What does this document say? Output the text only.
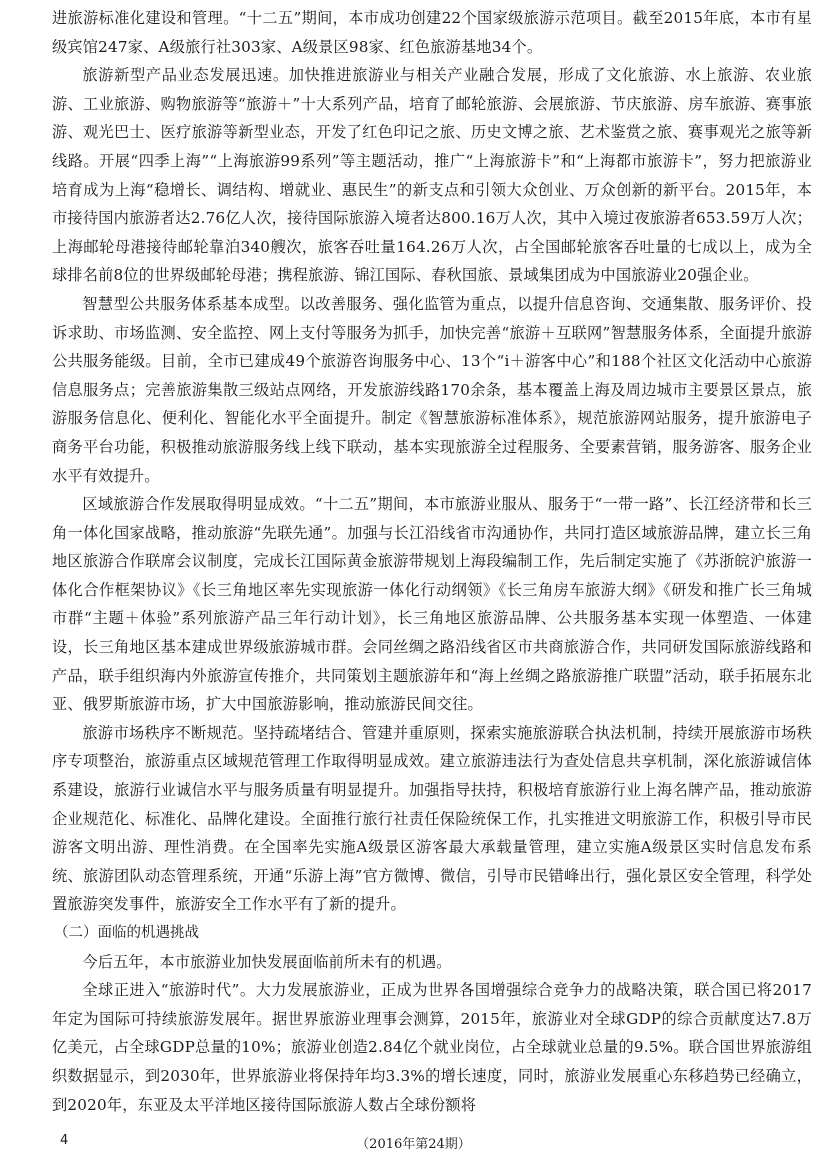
进旅游标准化建设和管理。“十二五”期间，本市成功创建22个国家级旅游示范项目。截至2015年底，本市有星级宾馆247家、A级旅行社303家、A级景区98家、红色旅游基地34个。

旅游新型产品业态发展迅速。加快推进旅游业与相关产业融合发展，形成了文化旅游、水上旅游、农业旅游、工业旅游、购物旅游等“旅游＋”十大系列产品，培育了邮轮旅游、会展旅游、节庆旅游、房车旅游、赛事旅游、观光巴士、医疗旅游等新型业态，开发了红色印记之旅、历史文博之旅、艺术鉴赏之旅、赛事观光之旅等新线路。开展“四季上海”“上海旅游99系列”等主题活动，推广“上海旅游卡”和“上海都市旅游卡”，努力把旅游业培育成为上海“稳增长、调结构、增就业、惠民生”的新支点和引领大众创业、万众创新的新平台。2015年，本市接待国内旅游者达2.76亿人次，接待国际旅游入境者达800.16万人次，其中入境过夜旅游者653.59万人次；上海邮轮母港接待邮轮靠泊340艘次，旅客吞吐量164.26万人次，占全国邮轮旅客吞吐量的七成以上，成为全球排名前8位的世界级邮轮母港；携程旅游、锦江国际、春秋国旅、景域集团成为中国旅游业20强企业。

智慧型公共服务体系基本成型。以改善服务、强化监管为重点，以提升信息咨询、交通集散、服务评价、投诉求助、市场监测、安全监控、网上支付等服务为抓手，加快完善“旅游＋互联网”智慧服务体系，全面提升旅游公共服务能级。目前，全市已建成49个旅游咨询服务中心、13个“i＋游客中心”和188个社区文化活动中心旅游信息服务点；完善旅游集散三级站点网络，开发旅游线路170余条，基本覆盖上海及周边城市主要景区景点，旅游服务信息化、便利化、智能化水平全面提升。制定《智慧旅游标准体系》，规范旅游网站服务，提升旅游电子商务平台功能，积极推动旅游服务线上线下联动，基本实现旅游全过程服务、全要素营销，服务游客、服务企业水平有效提升。

区域旅游合作发展取得明显成效。“十二五”期间，本市旅游业服从、服务于“一带一路”、长江经济带和长三角一体化国家战略，推动旅游“先联先通”。加强与长江沿线省市沟通协作，共同打造区域旅游品牌，建立长三角地区旅游合作联席会议制度，完成长江国际黄金旅游带规划上海段编制工作，先后制定实施了《苏浙皖沪旅游一体化合作框架协议》《长三角地区率先实现旅游一体化行动纲领》《长三角房车旅游大纲》《研发和推广长三角城市群“主题＋体验”系列旅游产品三年行动计划》，长三角地区旅游品牌、公共服务基本实现一体塑造、一体建设，长三角地区基本建成世界级旅游城市群。会同丝绸之路沿线省区市共商旅游合作，共同研发国际旅游线路和产品，联手组织海内外旅游宣传推介，共同策划主题旅游年和“海上丝绸之路旅游推广联盟”活动，联手拓展东北亚、俄罗斯旅游市场，扩大中国旅游影响，推动旅游民间交往。

旅游市场秩序不断规范。坚持疏堵结合、管建并重原则，探索实施旅游联合执法机制，持续开展旅游市场秩序专项整治，旅游重点区域规范管理工作取得明显成效。建立旅游违法行为查处信息共享机制，深化旅游诚信体系建设，旅游行业诚信水平与服务质量有明显提升。加强指导扶持，积极培育旅游行业上海名牌产品，推动旅游企业规范化、标准化、品牌化建设。全面推行旅行社责任保险统保工作，扎实推进文明旅游工作，积极引导市民游客文明出游、理性消费。在全国率先实施A级景区游客最大承载量管理，建立实施A级景区实时信息发布系统、旅游团队动态管理系统，开通“乐游上海”官方微博、微信，引导市民错峰出行，强化景区安全管理，科学处置旅游突发事件，旅游安全工作水平有了新的提升。

（二）面临的机遇挑战

今后五年，本市旅游业加快发展面临前所未有的机遇。

全球正进入“旅游时代”。大力发展旅游业，正成为世界各国增强综合竞争力的战略决策，联合国已将2017年定为国际可持续旅游发展年。据世界旅游业理事会测算，2015年，旅游业对全球GDP的综合贡献度达7.8万亿美元，占全球GDP总量的10%；旅游业创造2.84亿个就业岗位，占全球就业总量的9.5%。联合国世界旅游组织数据显示，到2030年，世界旅游业将保持年均3.3%的增长速度，同时，旅游业发展重心东移趋势已经确立，到2020年，东亚及太平洋地区接待国际旅游人数占全球份额将

4	（2016年第24期）
